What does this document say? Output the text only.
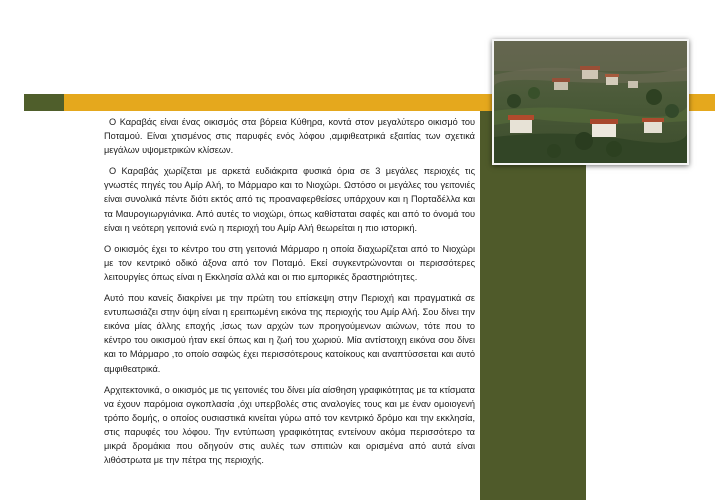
Ο Καραβάς είναι ένας οικισμός στα βόρεια Κύθηρα, κοντά στον μεγαλύτερο οικισμό του Ποταμού. Είναι χτισμένος στις παρυφές ενός λόφου ,αμφιθεατρικά εξαιτίας των σχετικά μεγάλων υψομετρικών κλίσεων.

Ο Καραβάς χωρίζεται με αρκετά ευδιάκριτα φυσικά όρια σε 3 μεγάλες περιοχές τις γνωστές πηγές του Αμίρ Αλή, το Μάρμαρο και το Νιοχώρι. Ωστόσο οι μεγάλες του γειτονιές είναι συνολικά πέντε διότι εκτός από τις προαναφερθείσες υπάρχουν και η Πορταδέλλα και τα Μαυρογιωργιάνικα. Από αυτές το νιοχώρι, όπως καθίσταται σαφές και από το όνομά του είναι η νεότερη γειτονιά ενώ η περιοχή του Αμίρ Αλή θεωρείται η πιο ιστορική.

Ο οικισμός έχει το κέντρο του στη γειτονιά Μάρμαρο η οποία διαχωρίζεται από το Νιοχώρι με τον κεντρικό οδικό άξονα από τον Ποταμό. Εκεί συγκεντρώνονται οι περισσότερες λειτουργίες όπως είναι η Εκκλησία αλλά και οι πιο εμπορικές δραστηριότητες.

Αυτό που κανείς διακρίνει με την πρώτη του επίσκεψη στην Περιοχή και πραγματικά σε εντυπωσιάζει στην όψη είναι η ερειπωμένη εικόνα της περιοχής του Αμίρ Αλή. Σου δίνει την εικόνα μίας άλλης εποχής ,ίσως των αρχών των προηγούμενων αιώνων, τότε που το κέντρο του οικισμού ήταν εκεί όπως και η ζωή του χωριού. Μία αντίστοιχη εικόνα σου δίνει και το Μάρμαρο ,το οποίο σαφώς έχει περισσότερους κατοίκους και αναπτύσσεται και αυτό αμφιθεατρικά.

Αρχιτεκτονικά, ο οικισμός με τις γειτονιές του δίνει μία αίσθηση γραφικότητας με τα κτίσματα να έχουν παρόμοια ογκοπλασία ,όχι υπερβολές στις αναλογίες τους και με έναν ομοιογενή τρόπο δομής, ο οποίος ουσιαστικά κινείται γύρω από τον κεντρικό δρόμο και την εκκλησία, στις παρυφές του λόφου. Την εντύπωση γραφικότητας εντείνουν ακόμα περισσότερο τα μικρά δρομάκια που οδηγούν στις αυλές των σπιτιών και ορισμένα από αυτά είναι λιθόστρωτα με την πέτρα της περιοχής.
